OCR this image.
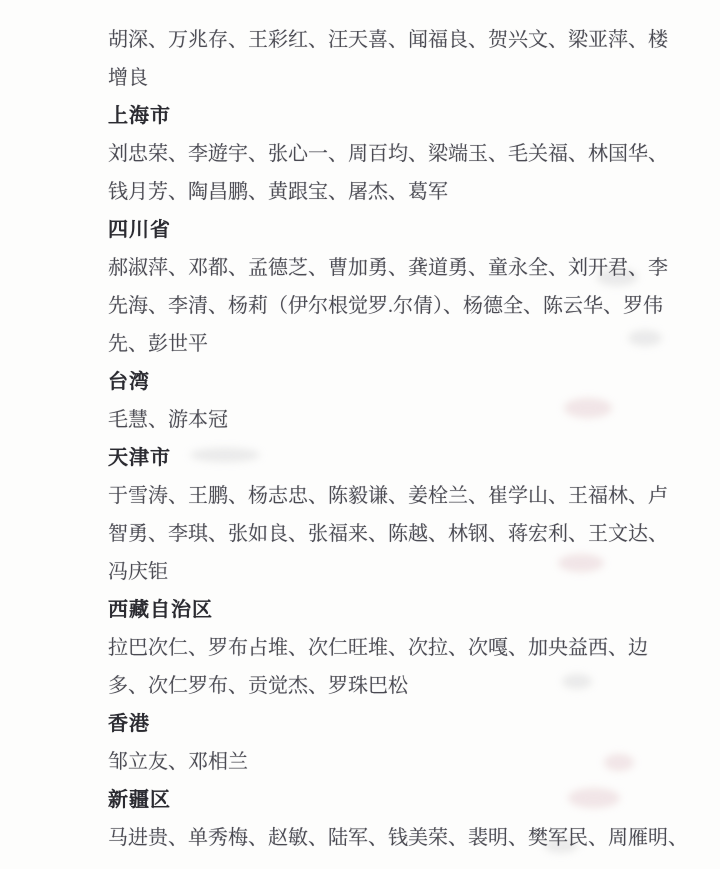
胡深、万兆存、王彩红、汪天喜、闻福良、贺兴文、梁亚萍、楼
增良
上海市
刘忠荣、李遊宇、张心一、周百均、梁端玉、毛关福、林国华、
钱月芳、陶昌鹏、黄跟宝、屠杰、葛军
四川省
郝淑萍、邓都、孟德芝、曹加勇、龚道勇、童永全、刘开君、李
先海、李清、杨莉（伊尔根觉罗.尔倩）、杨德全、陈云华、罗伟
先、彭世平
台湾
毛慧、游本冠
天津市
于雪涛、王鹏、杨志忠、陈毅谦、姜栓兰、崔学山、王福林、卢
智勇、李琪、张如良、张福来、陈越、林钢、蒋宏利、王文达、
冯庆钜
西藏自治区
拉巴次仁、罗布占堆、次仁旺堆、次拉、次嘎、加央益西、边
多、次仁罗布、贡觉杰、罗珠巴松
香港
邹立友、邓相兰
新疆区
马进贵、单秀梅、赵敏、陆军、钱美荣、裴明、樊军民、周雁明、
